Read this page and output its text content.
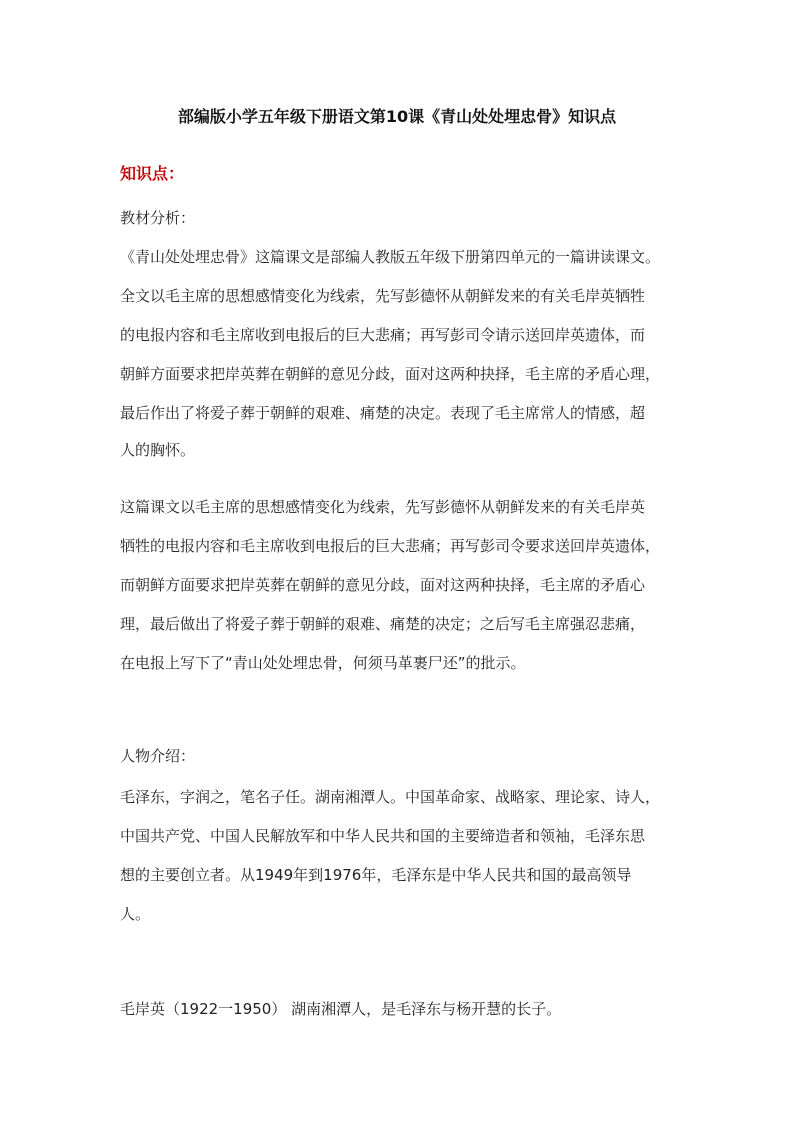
部编版小学五年级下册语文第10课《青山处处埋忠骨》知识点
知识点：
教材分析：
《青山处处埋忠骨》这篇课文是部编人教版五年级下册第四单元的一篇讲读课文。
全文以毛主席的思想感情变化为线索，先写彭德怀从朝鲜发来的有关毛岸英牺牲
的电报内容和毛主席收到电报后的巨大悲痛；再写彭司令请示送回岸英遗体，而
朝鲜方面要求把岸英葬在朝鲜的意见分歧，面对这两种抉择，毛主席的矛盾心理，
最后作出了将爱子葬于朝鲜的艰难、痛楚的决定。表现了毛主席常人的情感，超
人的胸怀。
这篇课文以毛主席的思想感情变化为线索，先写彭德怀从朝鲜发来的有关毛岸英
牺牲的电报内容和毛主席收到电报后的巨大悲痛；再写彭司令要求送回岸英遗体，
而朝鲜方面要求把岸英葬在朝鲜的意见分歧，面对这两种抉择，毛主席的矛盾心
理，最后做出了将爱子葬于朝鲜的艰难、痛楚的决定；之后写毛主席强忍悲痛，
在电报上写下了“青山处处埋忠骨，何须马革裹尸还”的批示。
人物介绍：
毛泽东，字润之，笔名子任。湖南湘潭人。中国革命家、战略家、理论家、诗人，
中国共产党、中国人民解放军和中华人民共和国的主要缔造者和领袖，毛泽东思
想的主要创立者。从1949年到1976年，毛泽东是中华人民共和国的最高领导
人。
毛岸英（1922一1950） 湖南湘潭人，是毛泽东与杨开慧的长子。
